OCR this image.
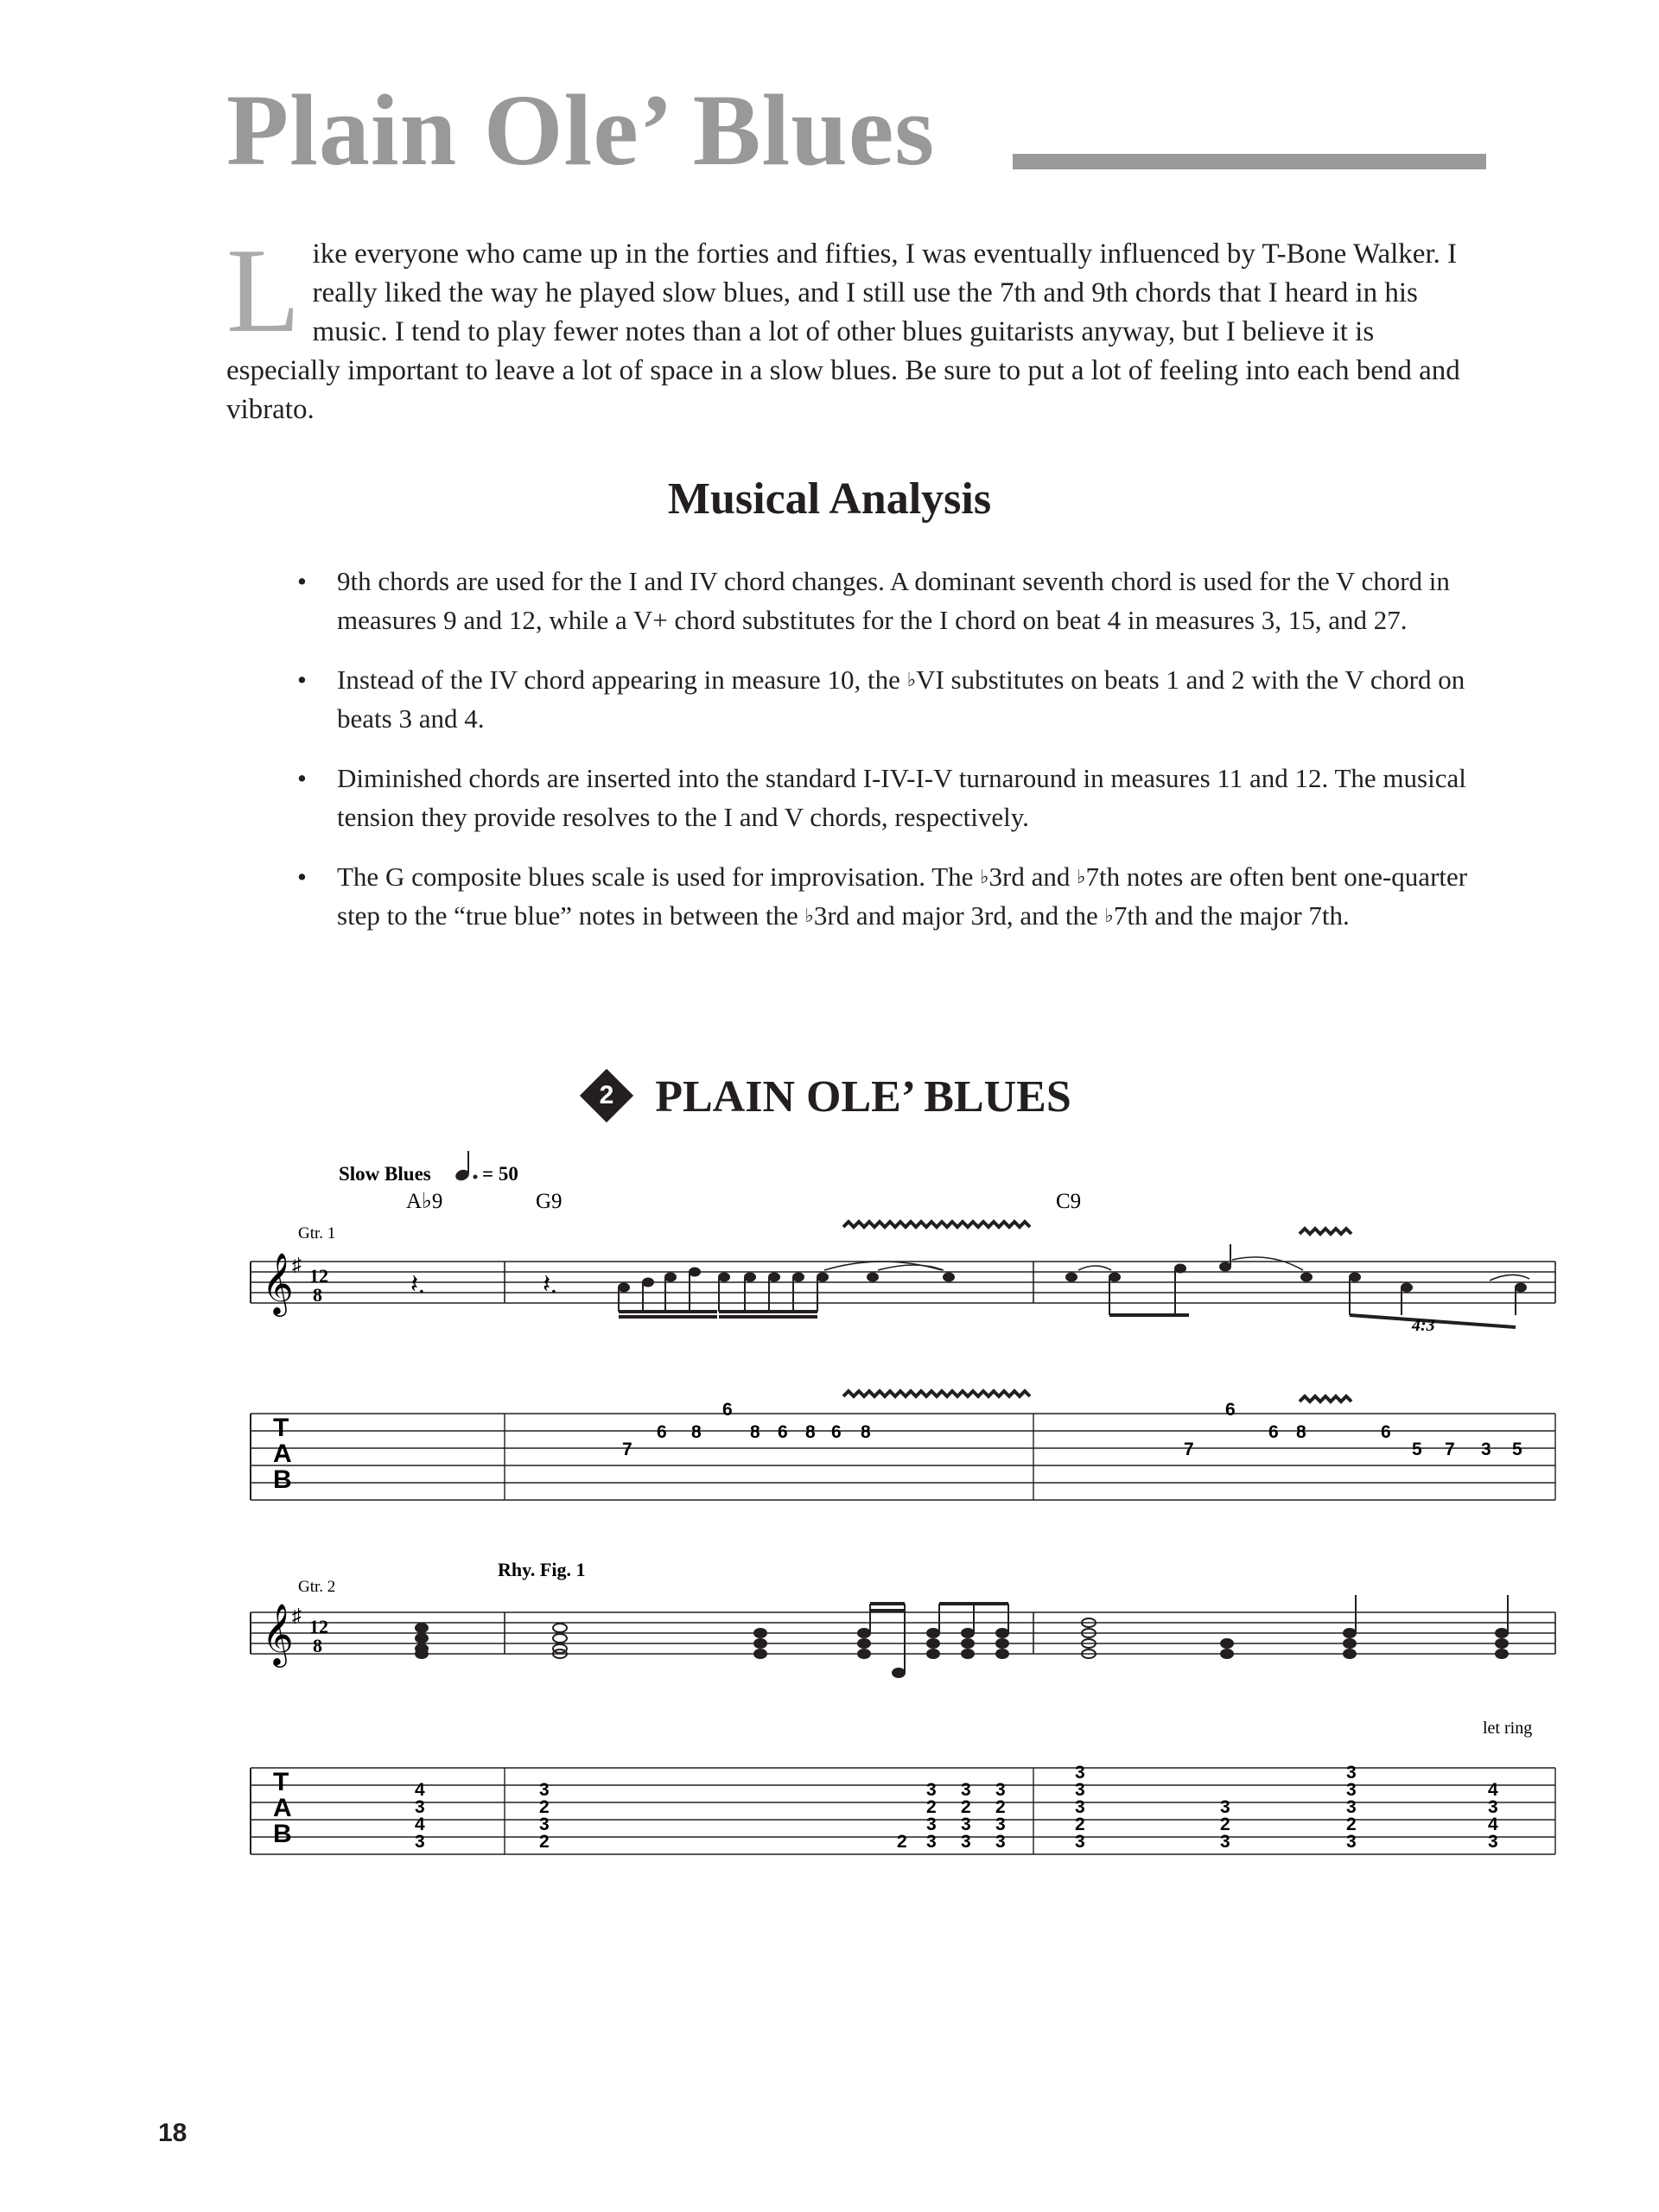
Plain Ole’ Blues

Like everyone who came up in the forties and fifties, I was eventually influenced by T-Bone Walker. I really liked the way he played slow blues, and I still use the 7th and 9th chords that I heard in his music. I tend to play fewer notes than a lot of other blues guitarists anyway, but I believe it is especially important to leave a lot of space in a slow blues. Be sure to put a lot of feeling into each bend and vibrato.

Musical Analysis
• 9th chords are used for the I and IV chord changes. A dominant seventh chord is used for the V chord in measures 9 and 12, while a V+ chord substitutes for the I chord on beat 4 in measures 3, 15, and 27.
• Instead of the IV chord appearing in measure 10, the ♭VI substitutes on beats 1 and 2 with the V chord on beats 3 and 4.
• Diminished chords are inserted into the standard I-IV-I-V turnaround in measures 11 and 12. The musical tension they provide resolves to the I and V chords, respectively.
• The G composite blues scale is used for improvisation. The ♭3rd and ♭7th notes are often bent one-quarter step to the “true blue” notes in between the ♭3rd and major 3rd, and the ♭7th and the major 7th.
2 PLAIN OLE’ BLUES
Slow Blues	= 50
A♭9	G9	C9
Gtr. 1
𝄞
♯
12
8	𝄽.	𝄽.
4:3
T
A
B
7
6 8
6
8 6 8 6 8
7
6
6 8	6
5 7 3 5
Gtr. 2
Rhy. Fig. 1
𝄞
♯
12
8
let ring
T
A
B
4
3
4
3
3
2
3
2	2
3
2
3
3
3
2
3
3
3
2
3
3
3
3
3
2
3
3
2
3
3
3
3
2
3
4
3
4
3
18
